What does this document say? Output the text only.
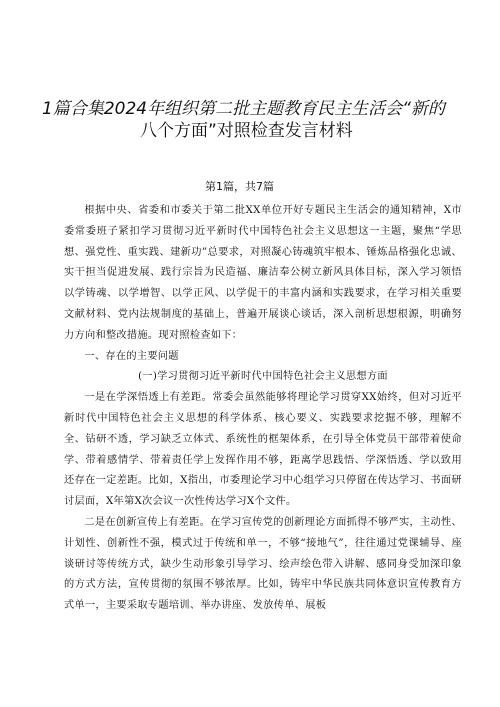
1篇合集2024年组织第二批主题教育民主生活会“新的
八个方面”对照检查发言材料
第1篇，共7篇

根据中央、省委和市委关于第二批XX单位开好专题民主生活会的通知精神，X市委常委班子紧扣学习贯彻习近平新时代中国特色社会主义思想这一主题，聚焦“学思想、强党性、重实践、建新功”总要求，对照凝心铸魂筑牢根本、锤炼品格强化忠诚、实干担当促进发展、践行宗旨为民造福、廉洁奉公树立新风具体目标，深入学习领悟以学铸魂、以学增智、以学正风、以学促干的丰富内涵和实践要求，在学习相关重要文献材料、党内法规制度的基础上，普遍开展谈心谈话，深入剖析思想根源，明确努力方向和整改措施。现对照检查如下：

一、存在的主要问题

(一)学习贯彻习近平新时代中国特色社会主义思想方面

一是在学深悟透上有差距。常委会虽然能够将理论学习贯穿XX始终，但对习近平新时代中国特色社会主义思想的科学体系、核心要义、实践要求挖掘不够，理解不全、钻研不透，学习缺乏立体式、系统性的框架体系，在引导全体党员干部带着使命学、带着感情学、带着责任学上发挥作用不够，距离学思践悟、学深悟透、学以致用还存在一定差距。比如，X指出，市委理论学习中心组学习只停留在传达学习、书面研讨层面，X年第X次会议一次性传达学习X个文件。

二是在创新宣传上有差距。在学习宣传党的创新理论方面抓得不够严实，主动性、计划性、创新性不强，模式过于传统和单一，不够“接地气”，往往通过党课辅导、座谈研讨等传统方式，缺少生动形象引导学习、绘声绘色带入讲解、感同身受加深印象的方式方法，宣传贯彻的氛围不够浓厚。比如，铸牢中华民族共同体意识宣传教育方式单一，主要采取专题培训、举办讲座、发放传单、展板
